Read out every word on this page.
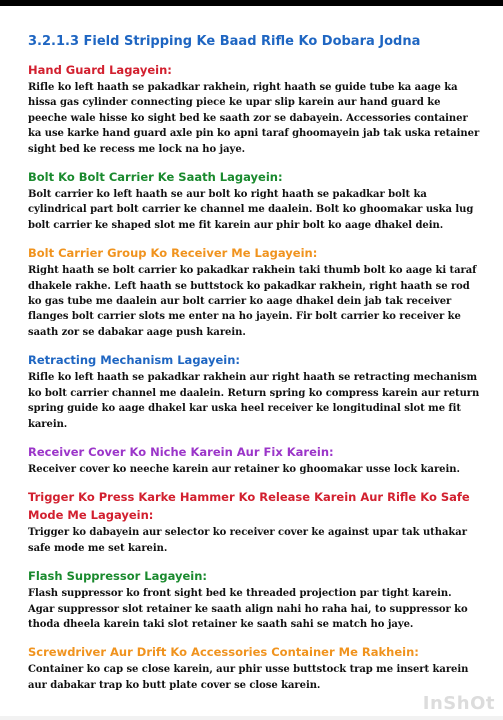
3.2.1.3 Field Stripping Ke Baad Rifle Ko Dobara Jodna
Hand Guard Lagayein:

Rifle ko left haath se pakadkar rakhein, right haath se guide tube ka aage ka hissa gas cylinder connecting piece ke upar slip karein aur hand guard ke peeche wale hisse ko sight bed ke saath zor se dabayein. Accessories container ka use karke hand guard axle pin ko apni taraf ghoomayein jab tak uska retainer sight bed ke recess me lock na ho jaye.

Bolt Ko Bolt Carrier Ke Saath Lagayein:

Bolt carrier ko left haath se aur bolt ko right haath se pakadkar bolt ka cylindrical part bolt carrier ke channel me daalein. Bolt ko ghoomakar uska lug bolt carrier ke shaped slot me fit karein aur phir bolt ko aage dhakel dein.

Bolt Carrier Group Ko Receiver Me Lagayein:

Right haath se bolt carrier ko pakadkar rakhein taki thumb bolt ko aage ki taraf dhakele rakhe. Left haath se buttstock ko pakadkar rakhein, right haath se rod ko gas tube me daalein aur bolt carrier ko aage dhakel dein jab tak receiver flanges bolt carrier slots me enter na ho jayein. Fir bolt carrier ko receiver ke saath zor se dabakar aage push karein.

Retracting Mechanism Lagayein:

Rifle ko left haath se pakadkar rakhein aur right haath se retracting mechanism ko bolt carrier channel me daalein. Return spring ko compress karein aur return spring guide ko aage dhakel kar uska heel receiver ke longitudinal slot me fit karein.

Receiver Cover Ko Niche Karein Aur Fix Karein:

Receiver cover ko neeche karein aur retainer ko ghoomakar usse lock karein.

Trigger Ko Press Karke Hammer Ko Release Karein Aur Rifle Ko Safe Mode Me Lagayein:

Trigger ko dabayein aur selector ko receiver cover ke against upar tak uthakar safe mode me set karein.

Flash Suppressor Lagayein:

Flash suppressor ko front sight bed ke threaded projection par tight karein. Agar suppressor slot retainer ke saath align nahi ho raha hai, to suppressor ko thoda dheela karein taki slot retainer ke saath sahi se match ho jaye.

Screwdriver Aur Drift Ko Accessories Container Me Rakhein:

Container ko cap se close karein, aur phir usse buttstock trap me insert karein aur dabakar trap ko butt plate cover se close karein.

InShOt
